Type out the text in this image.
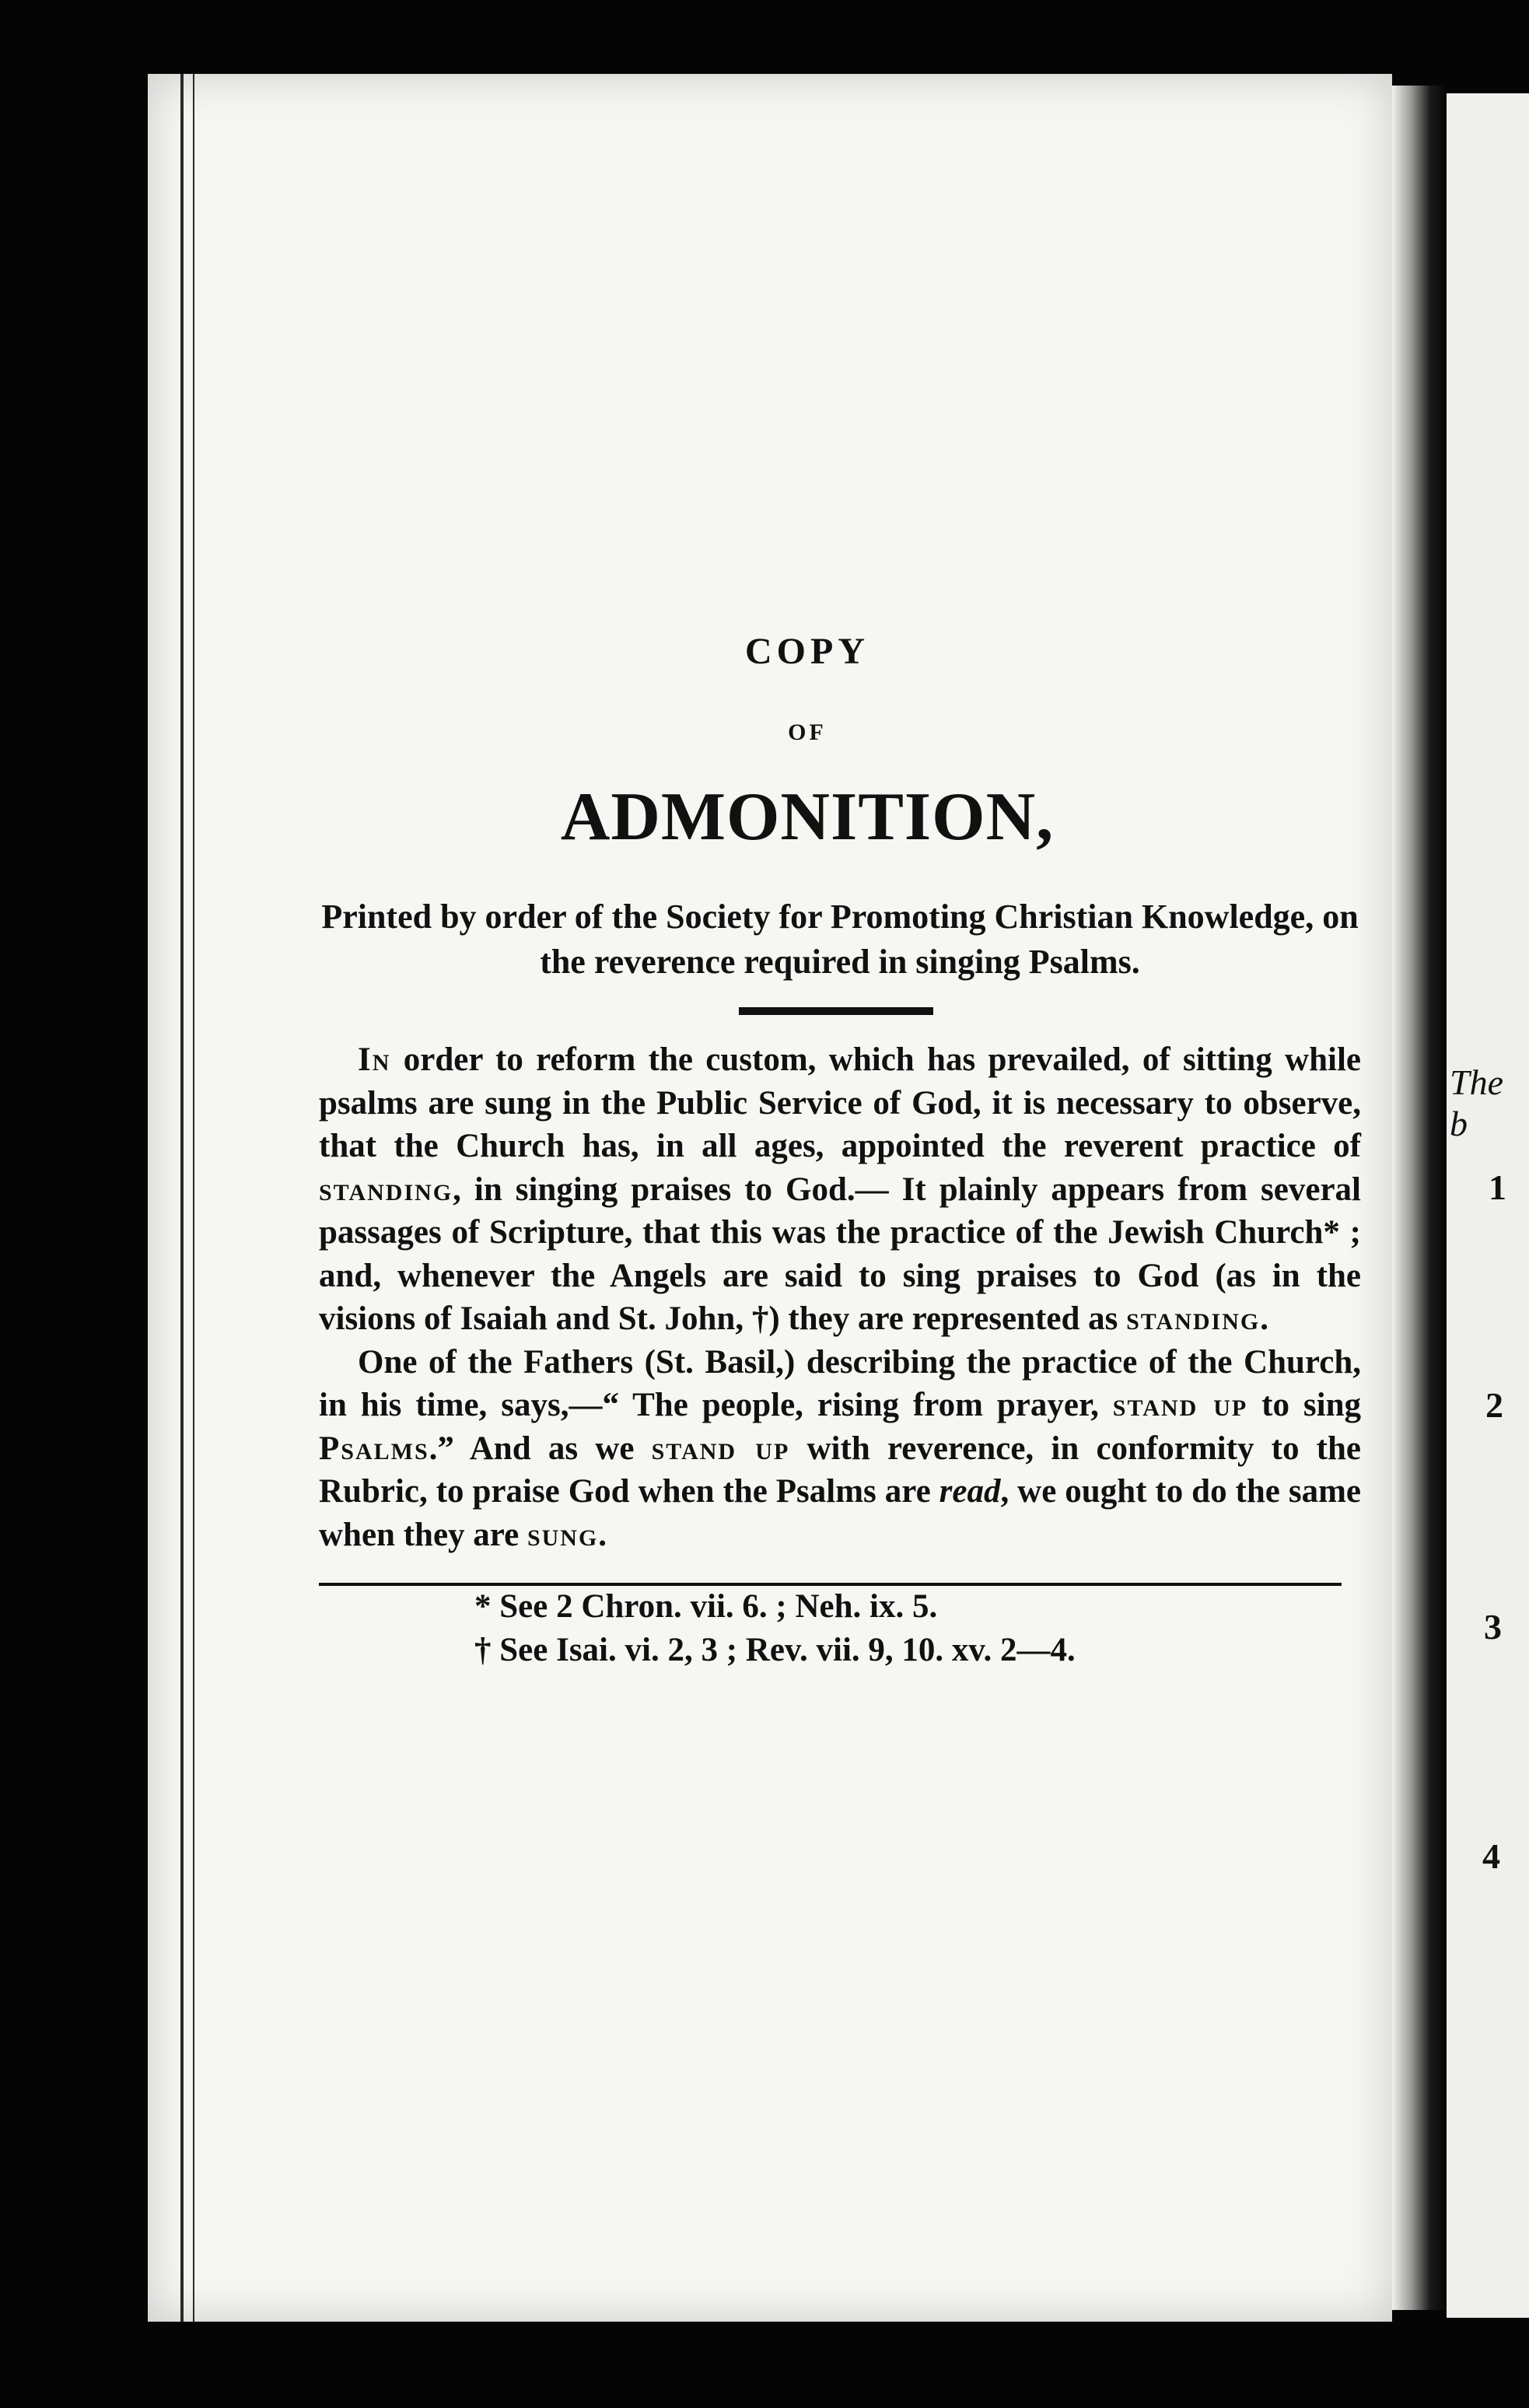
The b
1
2
3
4
COPY
OF
ADMONITION,
Printed by order of the Society for Promoting Christian Knowledge, on the reverence required in singing Psalms.

In order to reform the custom, which has prevailed, of sitting while psalms are sung in the Public Service of God, it is necessary to observe, that the Church has, in all ages, appointed the reverent practice of standing, in singing praises to God.— It plainly appears from several passages of Scripture, that this was the practice of the Jewish Church* ; and, whenever the Angels are said to sing praises to God (as in the visions of Isaiah and St. John, †) they are represented as standing.

One of the Fathers (St. Basil,) describing the practice of the Church, in his time, says,—“ The people, rising from prayer, stand up to sing Psalms.” And as we stand up with reverence, in conformity to the Rubric, to praise God when the Psalms are read, we ought to do the same when they are sung.

* See 2 Chron. vii. 6. ; Neh. ix. 5.
† See Isai. vi. 2, 3 ; Rev. vii. 9, 10. xv. 2—4.
